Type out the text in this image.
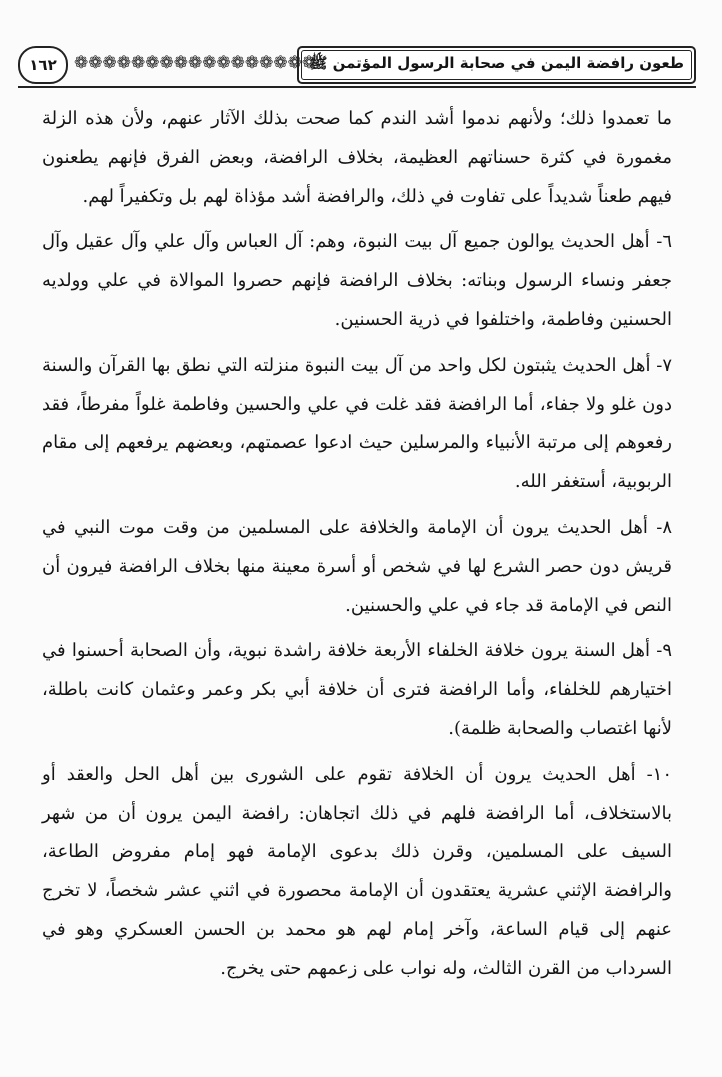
طعون رافضة اليمن في صحابة الرسول المؤتمن ﷺ
❁❁❁❁❁❁❁❁❁❁❁❁❁❁❁❁❁
١٦٢

ما تعمدوا ذلك؛ ولأنهم ندموا أشد الندم كما صحت بذلك الآثار عنهم، ولأن هذه الزلة مغمورة في كثرة حسناتهم العظيمة، بخلاف الرافضة، وبعض الفرق فإنهم يطعنون فيهم طعناً شديداً على تفاوت في ذلك، والرافضة أشد مؤذاة لهم بل وتكفيراً لهم.

٦- أهل الحديث يوالون جميع آل بيت النبوة، وهم: آل العباس وآل علي وآل عقيل وآل جعفر ونساء الرسول وبناته: بخلاف الرافضة فإنهم حصروا الموالاة في علي وولديه الحسنين وفاطمة، واختلفوا في ذرية الحسنين.

٧- أهل الحديث يثبتون لكل واحد من آل بيت النبوة منزلته التي نطق بها القرآن والسنة دون غلو ولا جفاء، أما الرافضة فقد غلت في علي والحسين وفاطمة غلواً مفرطاً، فقد رفعوهم إلى مرتبة الأنبياء والمرسلين حيث ادعوا عصمتهم، وبعضهم يرفعهم إلى مقام الربوبية، أستغفر الله.

٨- أهل الحديث يرون أن الإمامة والخلافة على المسلمين من وقت موت النبي في قريش دون حصر الشرع لها في شخص أو أسرة معينة منها بخلاف الرافضة فيرون أن النص في الإمامة قد جاء في علي والحسنين.

٩- أهل السنة يرون خلافة الخلفاء الأربعة خلافة راشدة نبوية، وأن الصحابة أحسنوا في اختيارهم للخلفاء، وأما الرافضة فترى أن خلافة أبي بكر وعمر وعثمان كانت باطلة، لأنها اغتصاب والصحابة ظلمة).

١٠- أهل الحديث يرون أن الخلافة تقوم على الشورى بين أهل الحل والعقد أو بالاستخلاف، أما الرافضة فلهم في ذلك اتجاهان: رافضة اليمن يرون أن من شهر السيف على المسلمين، وقرن ذلك بدعوى الإمامة فهو إمام مفروض الطاعة، والرافضة الإثني عشرية يعتقدون أن الإمامة محصورة في اثني عشر شخصاً، لا تخرج عنهم إلى قيام الساعة، وآخر إمام لهم هو محمد بن الحسن العسكري وهو في السرداب من القرن الثالث، وله نواب على زعمهم حتى يخرج.
